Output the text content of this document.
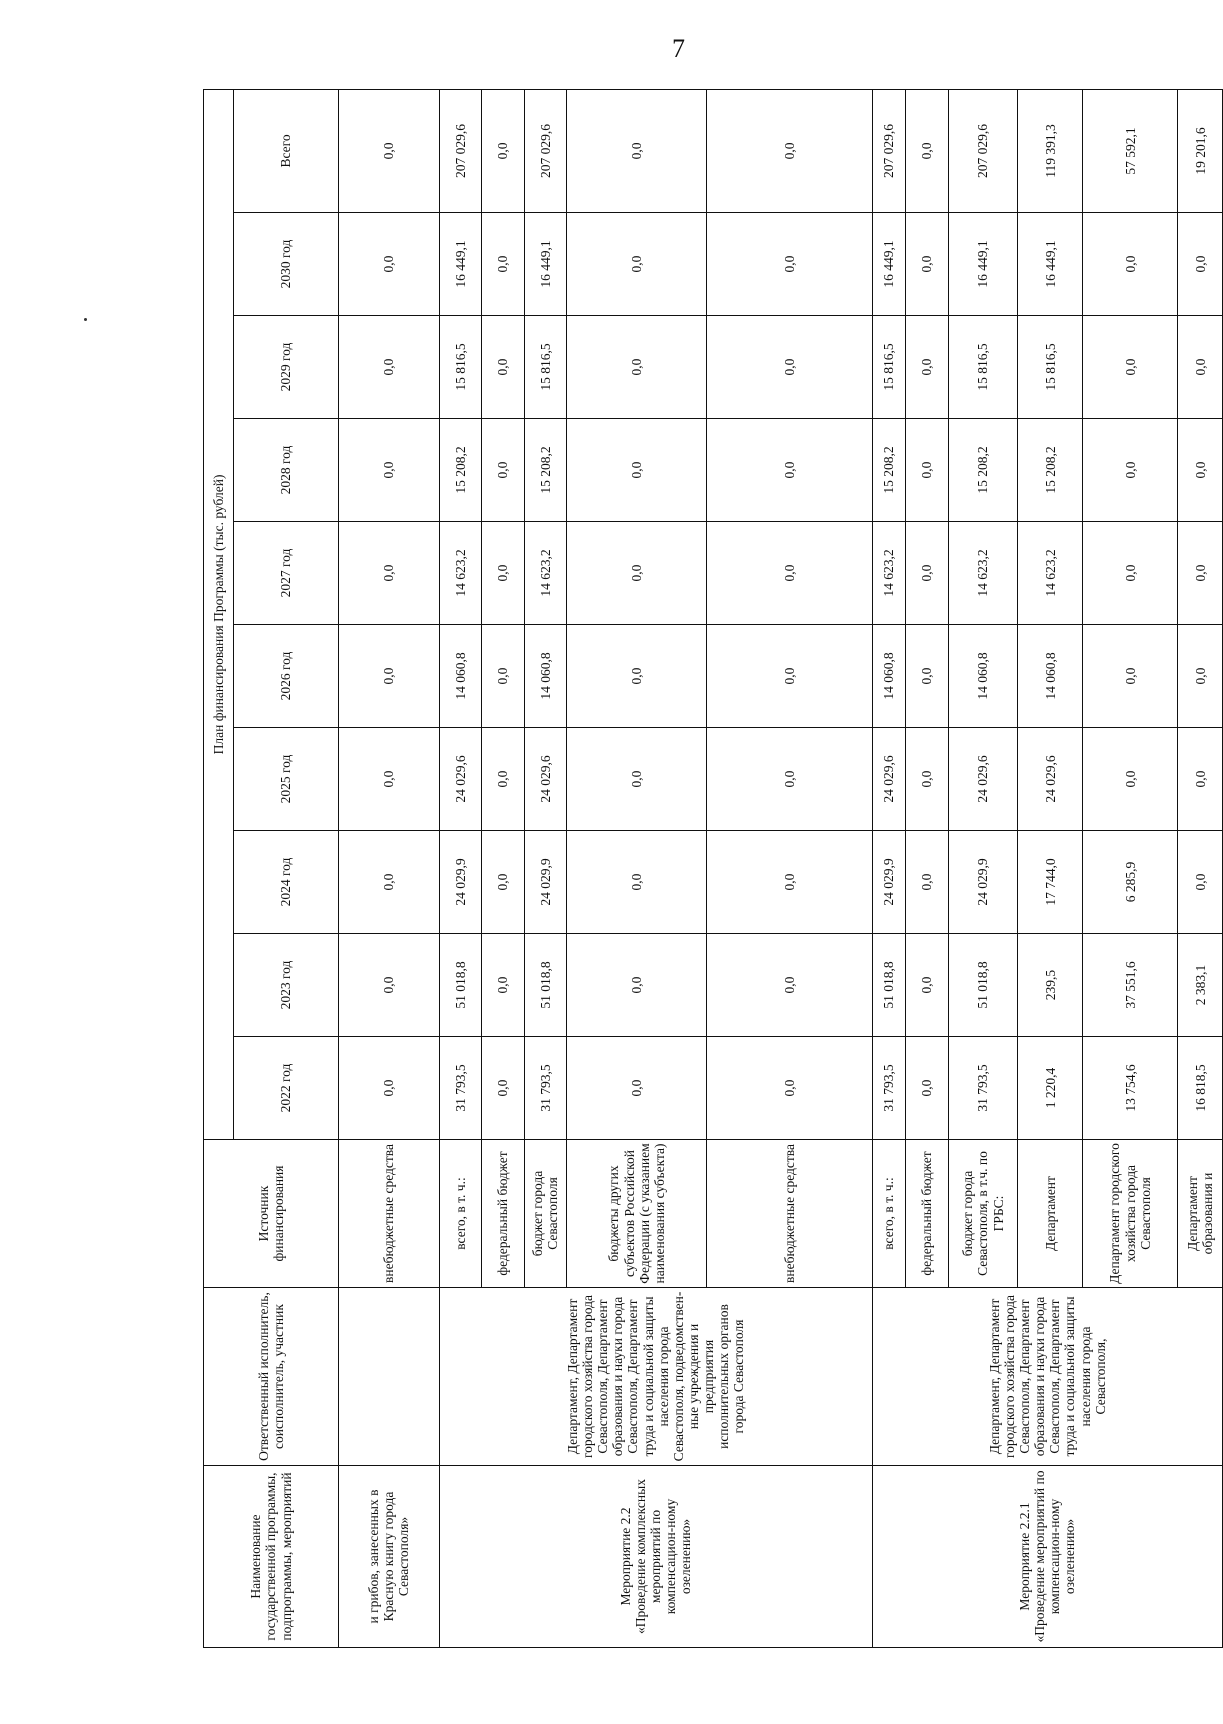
7
Наименование государственной программы, подпрограммы, мероприятий	Ответственный исполнитель, соисполнитель, участник	Источник финансирования	План финансирования Программы (тыс. рублей)									
			2022 год	2023 год	2024 год	2025 год	2026 год	2027 год	2028 год	2029 год	2030 год	Всего
и грибов, занесенных в Красную книгу города Севастополя»		внебюджетные средства	0,0	0,0	0,0	0,0	0,0	0,0	0,0	0,0	0,0	0,0
Мероприятие 2.2 «Проведение комплексных мероприятий по компенсацион-ному озеленению»	Департамент, Департамент городского хозяйства города Севастополя, Департамент образования и науки города Севастополя, Департамент труда и социальной защиты населения города Севастополя, подведомствен-ные учреждения и предприятия исполнительных органов города Севастополя	всего, в т. ч.:	31 793,5	51 018,8	24 029,9	24 029,6	14 060,8	14 623,2	15 208,2	15 816,5	16 449,1	207 029,6
		федеральный бюджет	0,0	0,0	0,0	0,0	0,0	0,0	0,0	0,0	0,0	0,0
		бюджет города Севастополя	31 793,5	51 018,8	24 029,9	24 029,6	14 060,8	14 623,2	15 208,2	15 816,5	16 449,1	207 029,6
		бюджеты других субъектов Российской Федерации (с указанием наименования субъекта)	0,0	0,0	0,0	0,0	0,0	0,0	0,0	0,0	0,0	0,0
		внебюджетные средства	0,0	0,0	0,0	0,0	0,0	0,0	0,0	0,0	0,0	0,0
Мероприятие 2.2.1 «Проведение мероприятий по компенсацион-ному озеленению»	Департамент, Департамент городского хозяйства города Севастополя, Департамент образования и науки города Севастополя, Департамент труда и социальной защиты населения города Севастополя,	всего, в т. ч.:	31 793,5	51 018,8	24 029,9	24 029,6	14 060,8	14 623,2	15 208,2	15 816,5	16 449,1	207 029,6
		федеральный бюджет	0,0	0,0	0,0	0,0	0,0	0,0	0,0	0,0	0,0	0,0
		бюджет города Севастополя, в т.ч. по ГРБС:	31 793,5	51 018,8	24 029,9	24 029,6	14 060,8	14 623,2	15 208,2	15 816,5	16 449,1	207 029,6
		Департамент	1 220,4	239,5	17 744,0	24 029,6	14 060,8	14 623,2	15 208,2	15 816,5	16 449,1	119 391,3
		Департамент городского хозяйства города Севастополя	13 754,6	37 551,6	6 285,9	0,0	0,0	0,0	0,0	0,0	0,0	57 592,1
		Департамент образования и	16 818,5	2 383,1	0,0	0,0	0,0	0,0	0,0	0,0	0,0	19 201,6
